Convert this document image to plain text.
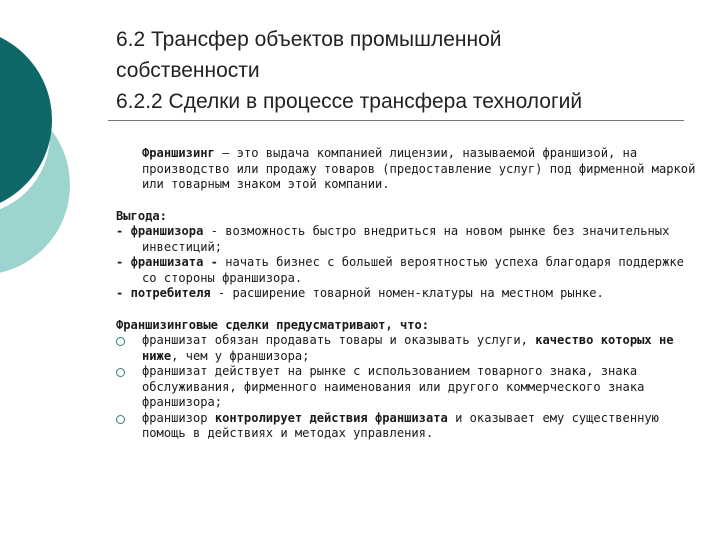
6.2 Трансфер объектов промышленной
собственности
6.2.2 Сделки в процессе трансфера технологий

Франшизинг — это выдача компанией лицензии, называемой франшизой, на производство или продажу товаров (предоставление услуг) под фирменной маркой или товарным знаком этой компании.

Выгода:

- франшизора - возможность быстро внедриться на новом рынке без значительных инвестиций;

- франшизата - начать бизнес с большей вероятностью успеха благодаря поддержке со стороны франшизора.

- потребителя - расширение товарной номен-клатуры на местном рынке.

Франшизинговые сделки предусматривают, что:

франшизат обязан продавать товары и оказывать услуги, качество которых не ниже, чем у франшизора;

франшизат действует на рынке с использованием товарного знака, знака обслуживания, фирменного наименования или другого коммерческого знака франшизора;

франшизор контролирует действия франшизата и оказывает ему существенную помощь в действиях и методах управления.
